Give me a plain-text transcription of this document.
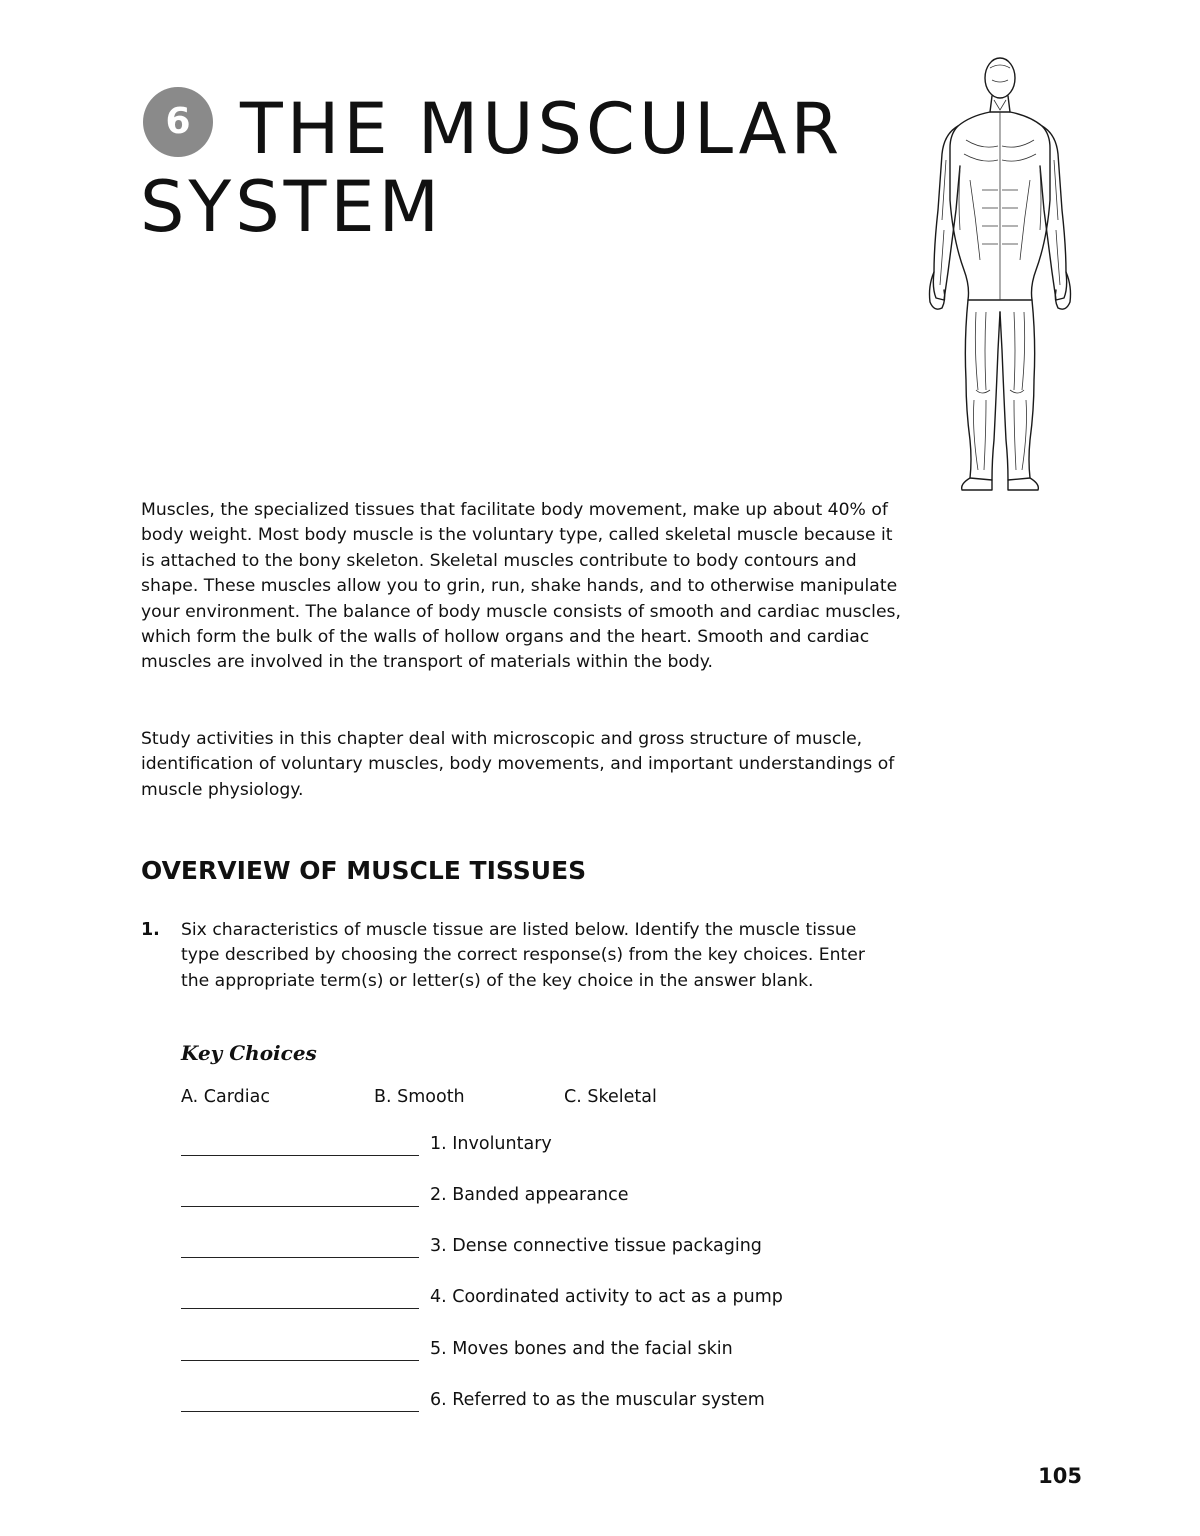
6 THE MUSCULAR
SYSTEM

Muscles, the specialized tissues that facilitate body movement, make up about 40% of body weight. Most body muscle is the voluntary type, called skeletal muscle because it is attached to the bony skeleton. Skeletal muscles contribute to body contours and shape. These muscles allow you to grin, run, shake hands, and to otherwise manipulate your environment. The balance of body muscle consists of smooth and cardiac muscles, which form the bulk of the walls of hollow organs and the heart. Smooth and cardiac muscles are involved in the transport of materials within the body.

Study activities in this chapter deal with microscopic and gross structure of muscle, identification of voluntary muscles, body movements, and important understandings of muscle physiology.

OVERVIEW OF MUSCLE TISSUES
1. Six characteristics of muscle tissue are listed below. Identify the muscle tissue type described by choosing the correct response(s) from the key choices. Enter the appropriate term(s) or letter(s) of the key choice in the answer blank.

Key Choices
A. Cardiac	B. Smooth	C. Skeletal
1. Involuntary
2. Banded appearance
3. Dense connective tissue packaging
4. Coordinated activity to act as a pump
5. Moves bones and the facial skin
6. Referred to as the muscular system
105
